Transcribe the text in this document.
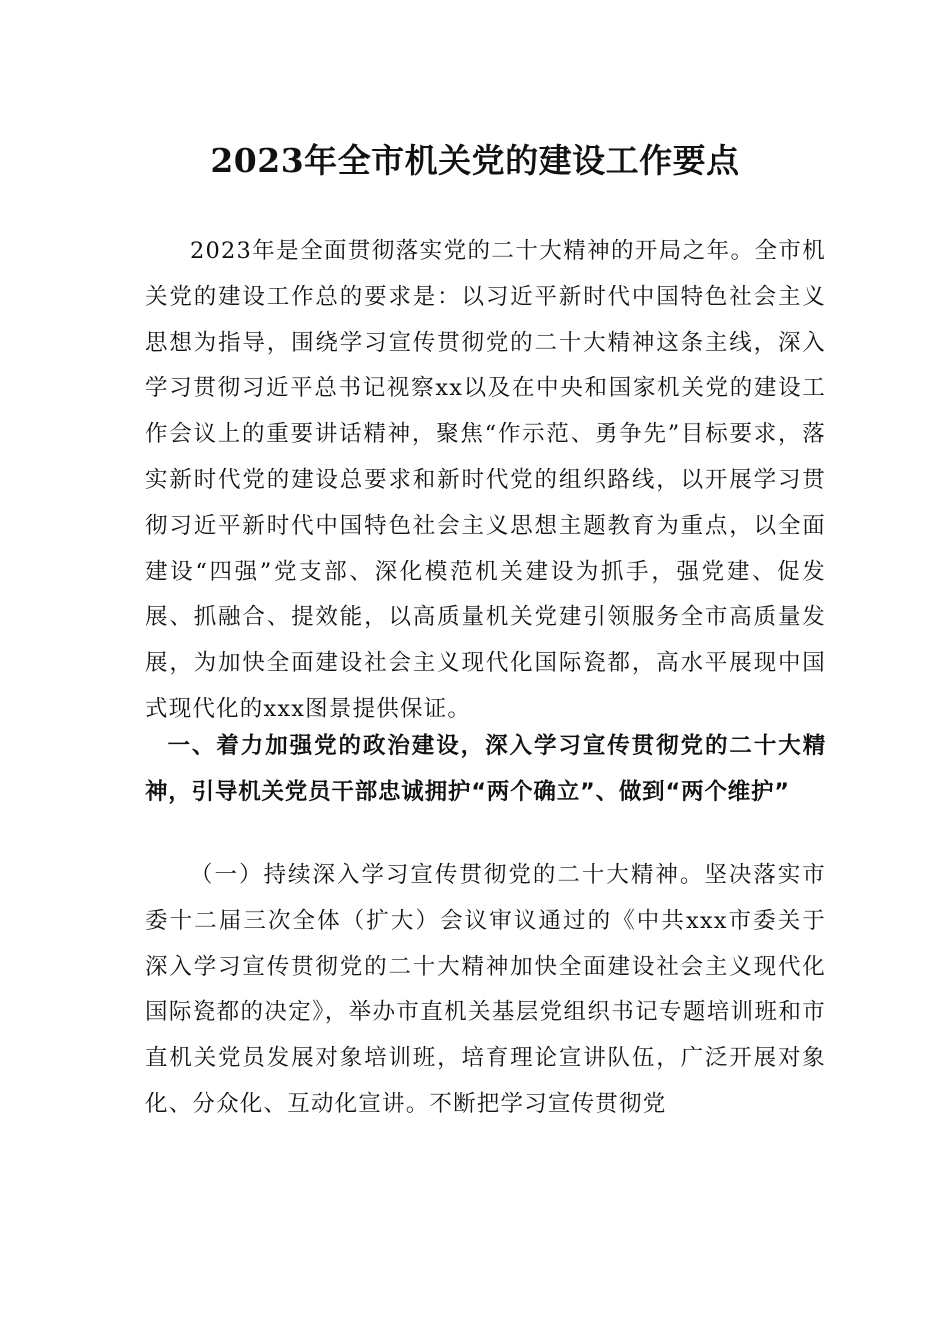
2023年全市机关党的建设工作要点

2023年是全面贯彻落实党的二十大精神的开局之年。全市机关党的建设工作总的要求是：以习近平新时代中国特色社会主义思想为指导，围绕学习宣传贯彻党的二十大精神这条主线，深入学习贯彻习近平总书记视察xx以及在中央和国家机关党的建设工作会议上的重要讲话精神，聚焦“作示范、勇争先”目标要求，落实新时代党的建设总要求和新时代党的组织路线，以开展学习贯彻习近平新时代中国特色社会主义思想主题教育为重点，以全面建设“四强”党支部、深化模范机关建设为抓手，强党建、促发展、抓融合、提效能，以高质量机关党建引领服务全市高质量发展，为加快全面建设社会主义现代化国际瓷都，高水平展现中国式现代化的xxx图景提供保证。

一、着力加强党的政治建设，深入学习宣传贯彻党的二十大精神，引导机关党员干部忠诚拥护“两个确立”、做到“两个维护”

（一）持续深入学习宣传贯彻党的二十大精神。坚决落实市委十二届三次全体（扩大）会议审议通过的《中共xxx市委关于深入学习宣传贯彻党的二十大精神加快全面建设社会主义现代化国际瓷都的决定》，举办市直机关基层党组织书记专题培训班和市直机关党员发展对象培训班，培育理论宣讲队伍，广泛开展对象化、分众化、互动化宣讲。不断把学习宣传贯彻党
